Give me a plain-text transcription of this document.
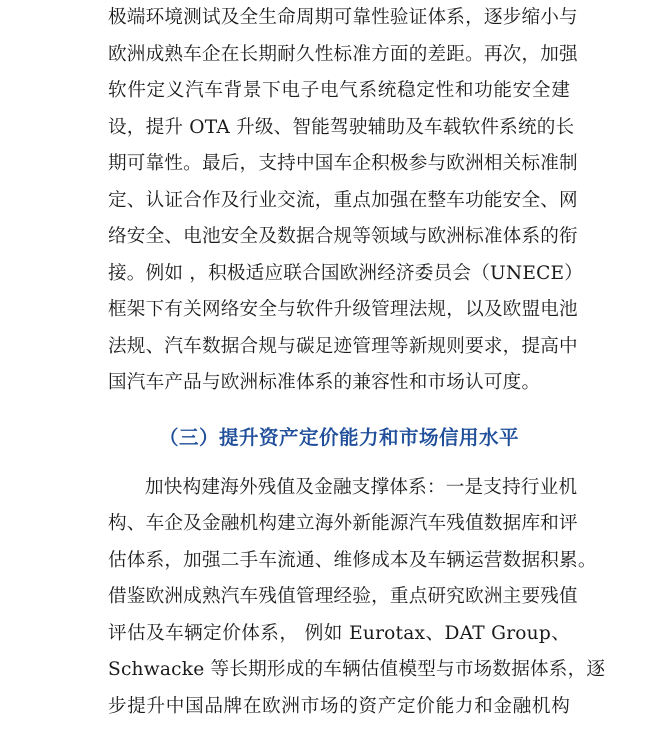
极端环境测试及全生命周期可靠性验证体系，逐步缩小与
欧洲成熟车企在长期耐久性标准方面的差距。再次，加强
软件定义汽车背景下电子电气系统稳定性和功能安全建
设，提升 OTA 升级、智能驾驶辅助及车载软件系统的长
期可靠性。最后，支持中国车企积极参与欧洲相关标准制
定、认证合作及行业交流，重点加强在整车功能安全、网
络安全、电池安全及数据合规等领域与欧洲标准体系的衔
接。例如 ，积极适应联合国欧洲经济委员会（UNECE）
框架下有关网络安全与软件升级管理法规，以及欧盟电池
法规、汽车数据合规与碳足迹管理等新规则要求，提高中
国汽车产品与欧洲标准体系的兼容性和市场认可度。
（三）提升资产定价能力和市场信用水平
加快构建海外残值及金融支撑体系：一是支持行业机
构、车企及金融机构建立海外新能源汽车残值数据库和评
估体系，加强二手车流通、维修成本及车辆运营数据积累。
借鉴欧洲成熟汽车残值管理经验，重点研究欧洲主要残值
评估及车辆定价体系， 例如 Eurotax、DAT Group、
Schwacke 等长期形成的车辆估值模型与市场数据体系，逐
步提升中国品牌在欧洲市场的资产定价能力和金融机构
